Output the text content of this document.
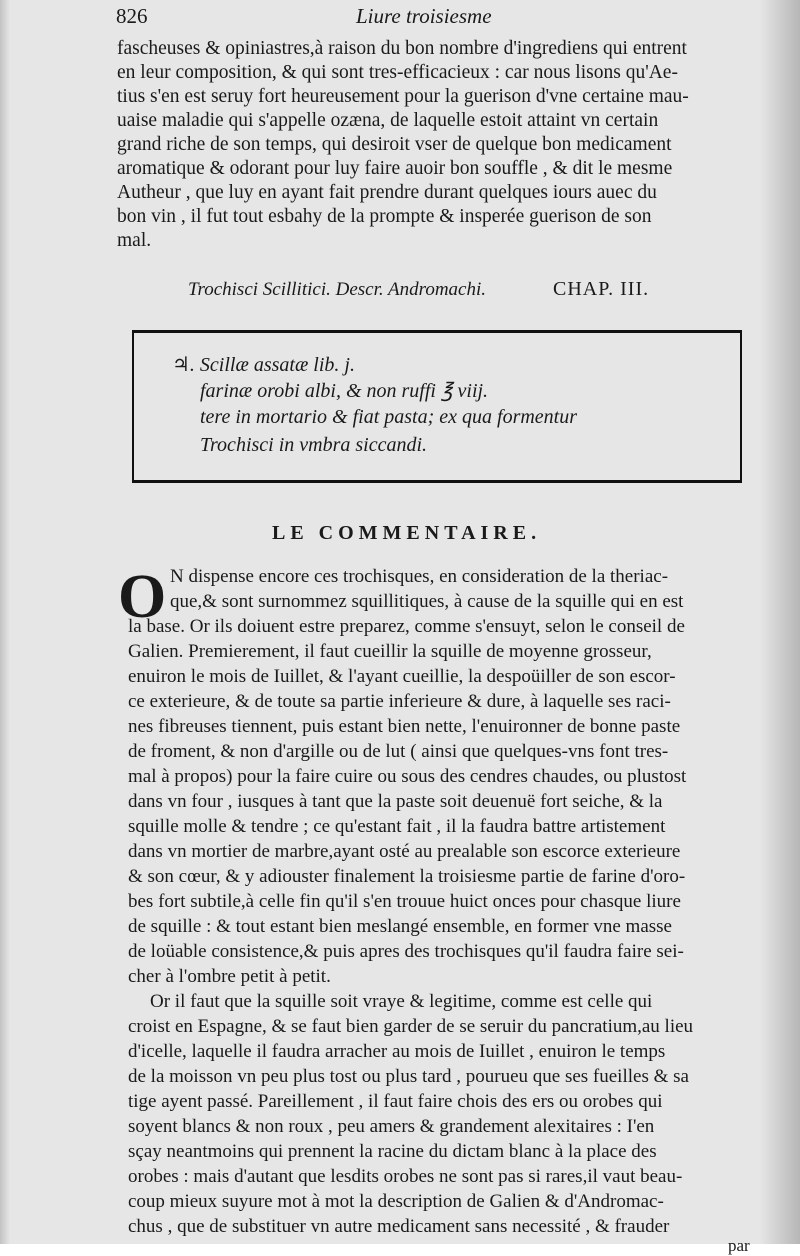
826	Liure troisiesme
fascheuses & opiniastres,à raison du bon nombre d'ingrediens qui entrent
en leur composition, & qui sont tres-efficacieux : car nous lisons qu'Ae-
tius s'en est seruy fort heureusement pour la guerison d'vne certaine mau-
uaise maladie qui s'appelle ozæna, de laquelle estoit attaint vn certain
grand riche de son temps, qui desiroit vser de quelque bon medicament
aromatique & odorant pour luy faire auoir bon souffle , & dit le mesme
Autheur , que luy en ayant fait prendre durant quelques iours auec du
bon vin , il fut tout esbahy de la prompte & insperée guerison de son
mal.
Trochisci Scillitici. Descr. Andromachi.	CHAP. III.
♃. Scillæ assatæ lib. j.
farinæ orobi albi, & non ruffi ℥ viij.
tere in mortario & fiat pasta; ex qua formentur
Trochisci in vmbra siccandi.
LE COMMENTAIRE.
O N dispense encore ces trochisques, en consideration de la theriac-
que,& sont surnommez squillitiques, à cause de la squille qui en est
la base. Or ils doiuent estre preparez, comme s'ensuyt, selon le conseil de
Galien. Premierement, il faut cueillir la squille de moyenne grosseur,
enuiron le mois de Iuillet, & l'ayant cueillie, la despoüiller de son escor-
ce exterieure, & de toute sa partie inferieure & dure, à laquelle ses raci-
nes fibreuses tiennent, puis estant bien nette, l'enuironner de bonne paste
de froment, & non d'argille ou de lut ( ainsi que quelques-vns font tres-
mal à propos) pour la faire cuire ou sous des cendres chaudes, ou plustost
dans vn four , iusques à tant que la paste soit deuenuë fort seiche, & la
squille molle & tendre ; ce qu'estant fait , il la faudra battre artistement
dans vn mortier de marbre,ayant osté au prealable son escorce exterieure
& son cœur, & y adiouster finalement la troisiesme partie de farine d'oro-
bes fort subtile,à celle fin qu'il s'en trouue huict onces pour chasque liure
de squille : & tout estant bien meslangé ensemble, en former vne masse
de loüable consistence,& puis apres des trochisques qu'il faudra faire sei-
cher à l'ombre petit à petit.
Or il faut que la squille soit vraye & legitime, comme est celle qui
croist en Espagne, & se faut bien garder de se seruir du pancratium,au lieu
d'icelle, laquelle il faudra arracher au mois de Iuillet , enuiron le temps
de la moisson vn peu plus tost ou plus tard , pourueu que ses fueilles & sa
tige ayent passé. Pareillement , il faut faire chois des ers ou orobes qui
soyent blancs & non roux , peu amers & grandement alexitaires : I'en
sçay neantmoins qui prennent la racine du dictam blanc à la place des
orobes : mais d'autant que lesdits orobes ne sont pas si rares,il vaut beau-
coup mieux suyure mot à mot la description de Galien & d'Andromac-
chus , que de substituer vn autre medicament sans necessité , & frauder
par
